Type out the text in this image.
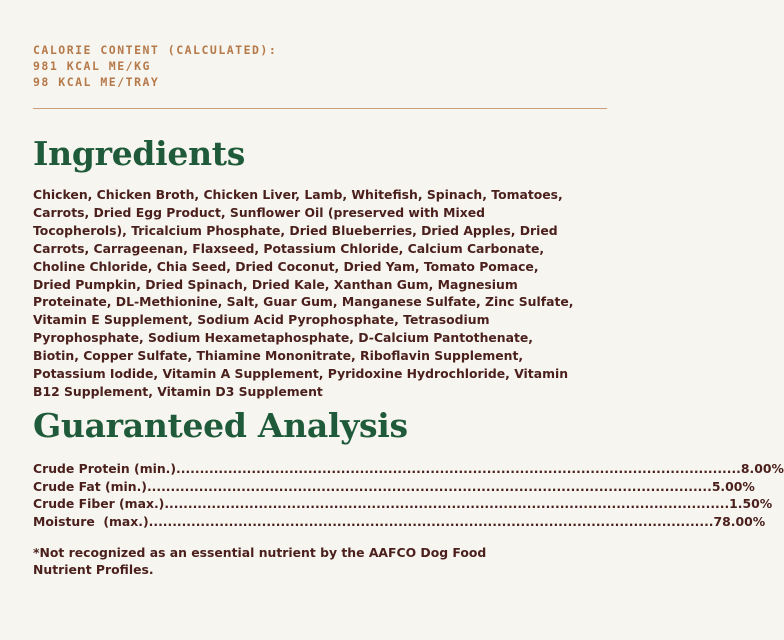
CALORIE CONTENT (CALCULATED):
981 KCAL ME/KG
98 KCAL ME/TRAY
Ingredients
Chicken, Chicken Broth, Chicken Liver, Lamb, Whitefish, Spinach, Tomatoes,
Carrots, Dried Egg Product, Sunflower Oil (preserved with Mixed
Tocopherols), Tricalcium Phosphate, Dried Blueberries, Dried Apples, Dried
Carrots, Carrageenan, Flaxseed, Potassium Chloride, Calcium Carbonate,
Choline Chloride, Chia Seed, Dried Coconut, Dried Yam, Tomato Pomace,
Dried Pumpkin, Dried Spinach, Dried Kale, Xanthan Gum, Magnesium
Proteinate, DL-Methionine, Salt, Guar Gum, Manganese Sulfate, Zinc Sulfate,
Vitamin E Supplement, Sodium Acid Pyrophosphate, Tetrasodium
Pyrophosphate, Sodium Hexametaphosphate, D-Calcium Pantothenate,
Biotin, Copper Sulfate, Thiamine Mononitrate, Riboflavin Supplement,
Potassium Iodide, Vitamin A Supplement, Pyridoxine Hydrochloride, Vitamin
B12 Supplement, Vitamin D3 Supplement
Guaranteed Analysis
Crude Protein (min.) ........................................................................................................................ 8.00%
Crude Fat (min.) ........................................................................................................................ 5.00%
Crude Fiber (max.) ........................................................................................................................ 1.50%
Moisture  (max.) ........................................................................................................................ 78.00%
*Not recognized as an essential nutrient by the AAFCO Dog Food
Nutrient Profiles.
